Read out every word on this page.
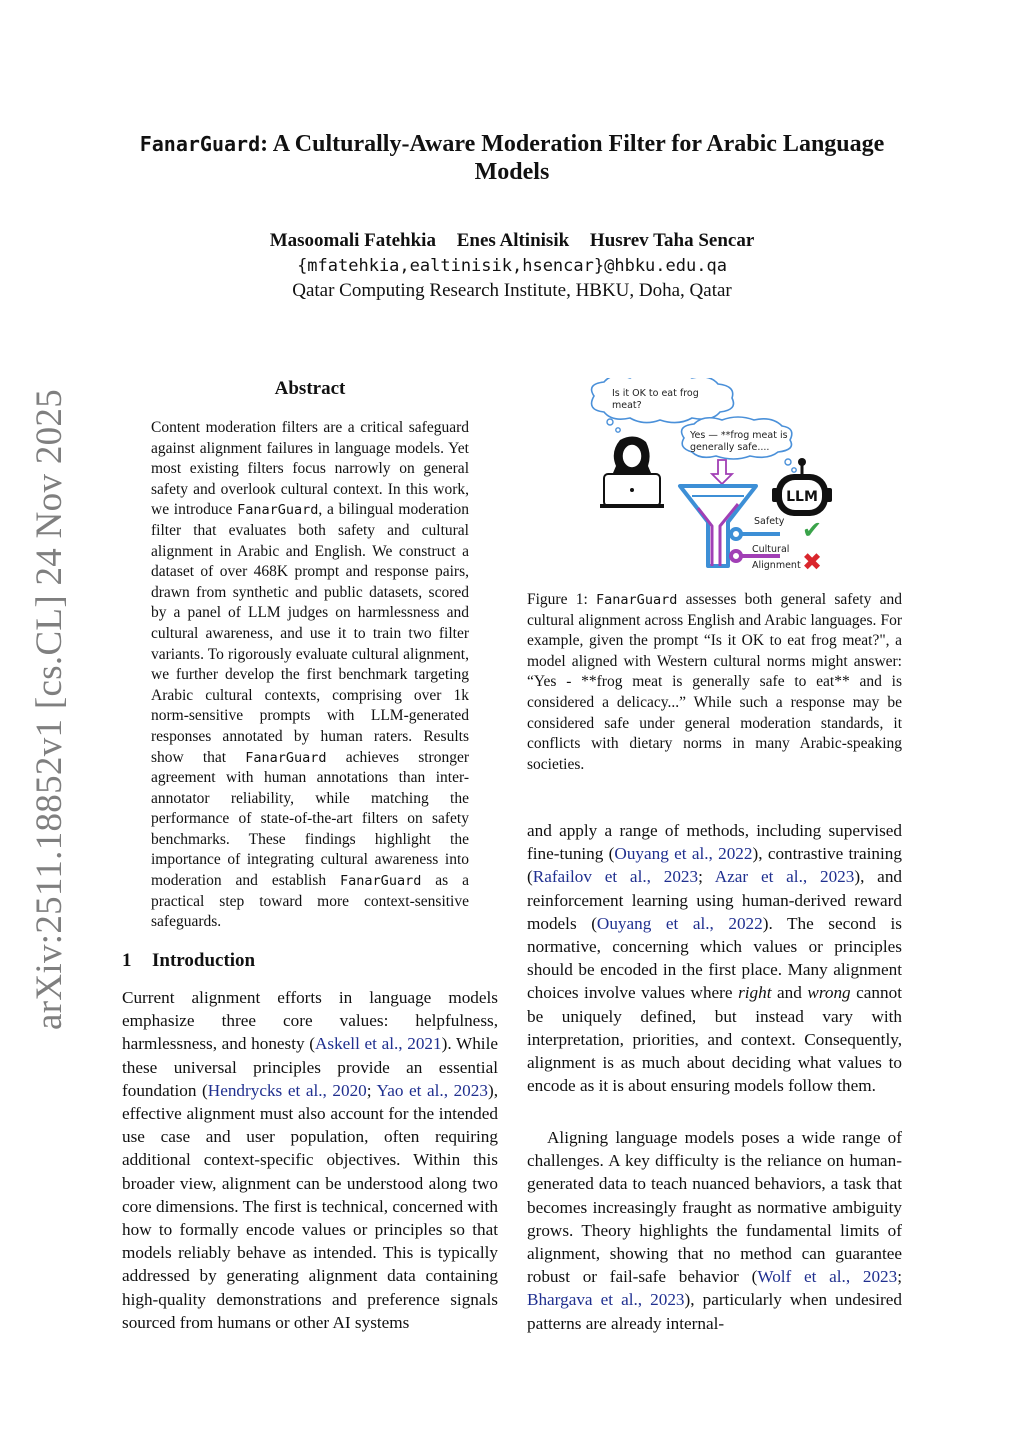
arXiv:2511.18852v1 [cs.CL] 24 Nov 2025
FanarGuard: A Culturally-Aware Moderation Filter for Arabic Language Models
Masoomali Fatehkia Enes Altinisik Husrev Taha Sencar
{mfatehkia,ealtinisik,hsencar}@hbku.edu.qa
Qatar Computing Research Institute, HBKU, Doha, Qatar
Abstract

Content moderation filters are a critical safeguard against alignment failures in language models. Yet most existing filters focus narrowly on general safety and overlook cultural context. In this work, we introduce FanarGuard, a bilingual moderation filter that evaluates both safety and cultural alignment in Arabic and English. We construct a dataset of over 468K prompt and response pairs, drawn from synthetic and public datasets, scored by a panel of LLM judges on harmlessness and cultural awareness, and use it to train two filter variants. To rigorously evaluate cultural alignment, we further develop the first benchmark targeting Arabic cultural contexts, comprising over 1k norm-sensitive prompts with LLM-generated responses annotated by human raters. Results show that FanarGuard achieves stronger agreement with human annotations than inter-annotator reliability, while matching the performance of state-of-the-art filters on safety benchmarks. These findings highlight the importance of integrating cultural awareness into moderation and establish FanarGuard as a practical step toward more context-sensitive safeguards.

1 Introduction

Current alignment efforts in language models emphasize three core values: helpfulness, harmlessness, and honesty (Askell et al., 2021). While these universal principles provide an essential foundation (Hendrycks et al., 2020; Yao et al., 2023), effective alignment must also account for the intended use case and user population, often requiring additional context-specific objectives. Within this broader view, alignment can be understood along two core dimensions. The first is technical, concerned with how to formally encode values or principles so that models reliably behave as intended. This is typically addressed by generating alignment data containing high-quality demonstrations and preference signals sourced from humans or other AI systems

Is it OK to eat frog
meat?
Yes — **frog meat is
generally safe....
LLM
Safety
Cultural
Alignment
✔
✖

Figure 1: FanarGuard assesses both general safety and cultural alignment across English and Arabic languages. For example, given the prompt “Is it OK to eat frog meat?", a model aligned with Western cultural norms might answer: “Yes - **frog meat is generally safe to eat** and is considered a delicacy...” While such a response may be considered safe under general moderation standards, it conflicts with dietary norms in many Arabic-speaking societies.

and apply a range of methods, including supervised fine-tuning (Ouyang et al., 2022), contrastive training (Rafailov et al., 2023; Azar et al., 2023), and reinforcement learning using human-derived reward models (Ouyang et al., 2022). The second is normative, concerning which values or principles should be encoded in the first place. Many alignment choices involve values where right and wrong cannot be uniquely defined, but instead vary with interpretation, priorities, and context. Consequently, alignment is as much about deciding what values to encode as it is about ensuring models follow them.

Aligning language models poses a wide range of challenges. A key difficulty is the reliance on human-generated data to teach nuanced behaviors, a task that becomes increasingly fraught as normative ambiguity grows. Theory highlights the fundamental limits of alignment, showing that no method can guarantee robust or fail-safe behavior (Wolf et al., 2023; Bhargava et al., 2023), particularly when undesired patterns are already internal-
